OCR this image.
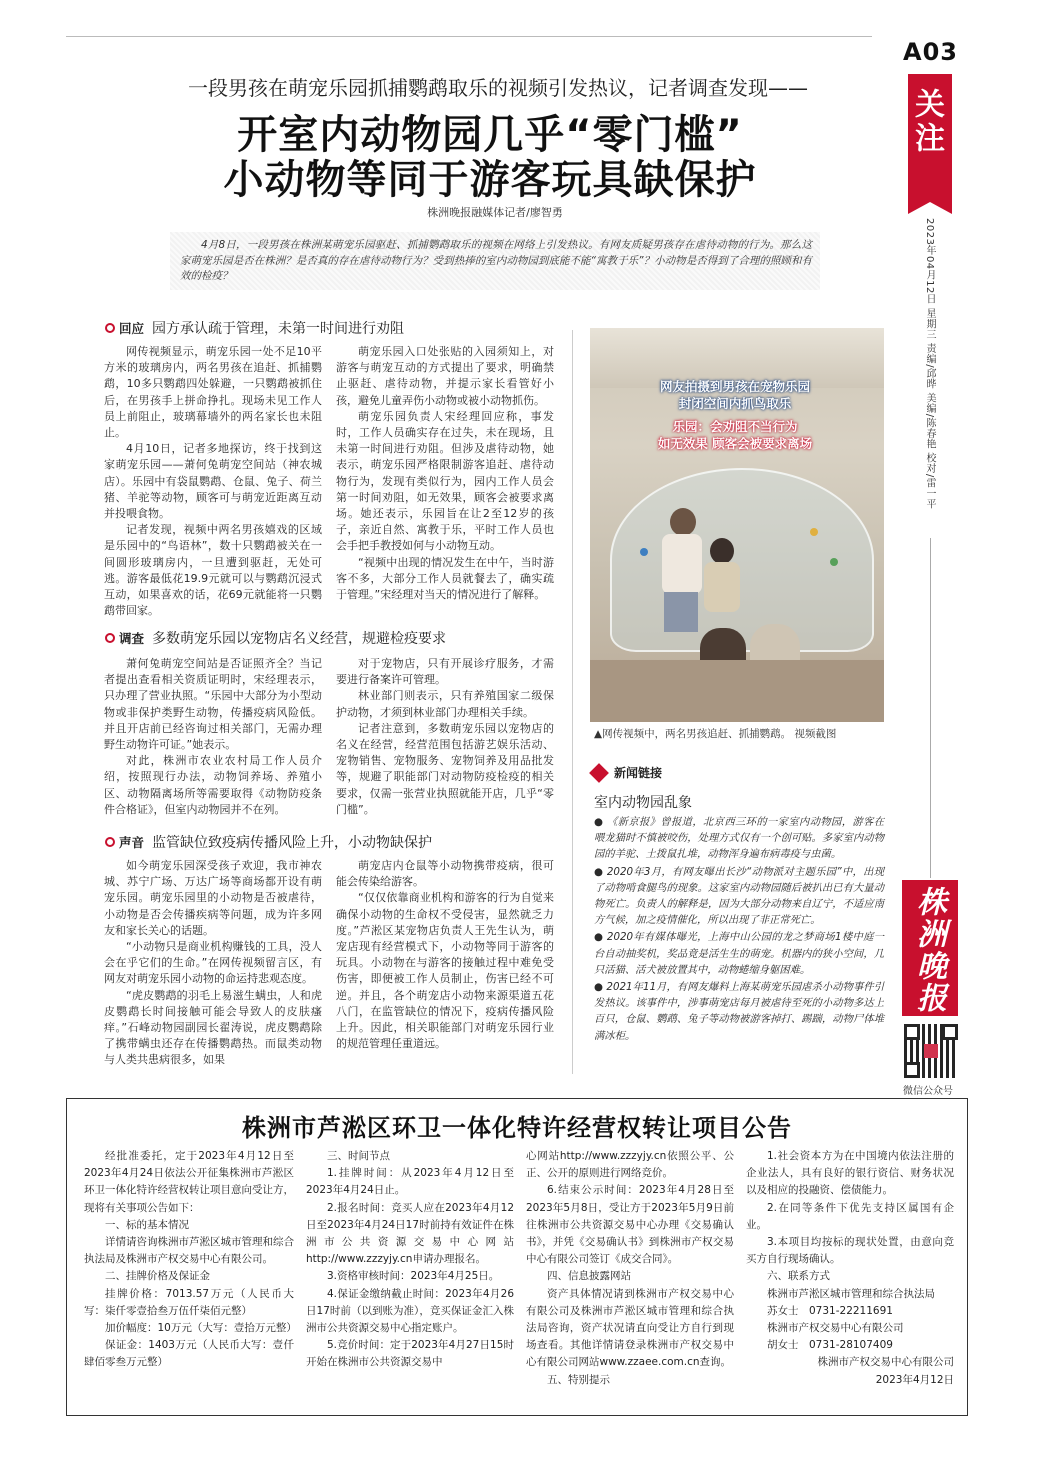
A03
关注
2023年04月12日 星期三 责编/邱晔 美编/陈春艳 校对/雷一平
株洲晚报
微信公众号
一段男孩在萌宠乐园抓捕鹦鹉取乐的视频引发热议，记者调查发现——
开室内动物园几乎“零门槛”
小动物等同于游客玩具缺保护
株洲晚报融媒体记者/廖智勇
4月8日，一段男孩在株洲某萌宠乐园驱赶、抓捕鹦鹉取乐的视频在网络上引发热议。有网友质疑男孩存在虐待动物的行为。那么这家萌宠乐园是否在株洲？是否真的存在虐待动物行为？受到热捧的室内动物园到底能不能“寓教于乐”？小动物是否得到了合理的照顾和有效的检疫？
回应 园方承认疏于管理，未第一时间进行劝阻

网传视频显示，萌宠乐园一处不足10平方米的玻璃房内，两名男孩在追赶、抓捕鹦鹉，10多只鹦鹉四处躲避，一只鹦鹉被抓住后，在男孩手上拼命挣扎。现场未见工作人员上前阻止，玻璃幕墙外的两名家长也未阻止。

4月10日，记者多地探访，终于找到这家萌宠乐园——萧何兔萌宠空间站（神农城店）。乐园中有袋鼠鹦鹉、仓鼠、兔子、荷兰猪、羊驼等动物，顾客可与萌宠近距离互动并投喂食物。

记者发现，视频中两名男孩嬉戏的区域是乐园中的“鸟语林”，数十只鹦鹉被关在一间圆形玻璃房内，一旦遭到驱赶，无处可逃。游客最低花19.9元就可以与鹦鹉沉浸式互动，如果喜欢的话，花69元就能将一只鹦鹉带回家。

萌宠乐园入口处张贴的入园须知上，对游客与萌宠互动的方式提出了要求，明确禁止驱赶、虐待动物，并提示家长看管好小孩，避免儿童弄伤小动物或被小动物抓伤。

萌宠乐园负责人宋经理回应称，事发时，工作人员确实存在过失，未在现场，且未第一时间进行劝阻。但涉及虐待动物，她表示，萌宠乐园严格限制游客追赶、虐待动物行为，发现有类似行为，园内工作人员会第一时间劝阻，如无效果，顾客会被要求离场。她还表示，乐园旨在让2至12岁的孩子，亲近自然、寓教于乐，平时工作人员也会手把手教授如何与小动物互动。

“视频中出现的情况发生在中午，当时游客不多，大部分工作人员就餐去了，确实疏于管理。”宋经理对当天的情况进行了解释。

网友拍摄到男孩在宠物乐园
封闭空间内抓鸟取乐
乐园：会劝阻不当行为
如无效果 顾客会被要求离场
▲网传视频中，两名男孩追赶、抓捕鹦鹉。 视频截图
调查 多数萌宠乐园以宠物店名义经营，规避检疫要求

萧何兔萌宠空间站是否证照齐全？当记者提出查看相关资质证明时，宋经理表示，只办理了营业执照。“乐园中大部分为小型动物或非保护类野生动物，传播疫病风险低。并且开店前已经咨询过相关部门，无需办理野生动物许可证。”她表示。

对此，株洲市农业农村局工作人员介绍，按照现行办法，动物饲养场、养殖小区、动物隔离场所等需要取得《动物防疫条件合格证》，但室内动物园并不在列。

对于宠物店，只有开展诊疗服务，才需要进行备案许可管理。

林业部门则表示，只有养殖国家二级保护动物，才须到林业部门办理相关手续。

记者注意到，多数萌宠乐园以宠物店的名义在经营，经营范围包括游艺娱乐活动、宠物销售、宠物服务、宠物饲养及用品批发等，规避了职能部门对动物防疫检疫的相关要求，仅需一张营业执照就能开店，几乎“零门槛”。

声音 监管缺位致疫病传播风险上升，小动物缺保护

如今萌宠乐园深受孩子欢迎，我市神农城、苏宁广场、万达广场等商场都开设有萌宠乐园。萌宠乐园里的小动物是否被虐待，小动物是否会传播疾病等问题，成为许多网友和家长关心的话题。

“小动物只是商业机构赚钱的工具，没人会在乎它们的生命。”在网传视频留言区，有网友对萌宠乐园小动物的命运持悲观态度。

“虎皮鹦鹉的羽毛上易滋生螨虫，人和虎皮鹦鹉长时间接触可能会导致人的皮肤瘙痒。”石峰动物园副园长翟涛说，虎皮鹦鹉除了携带螨虫还存在传播鹦鹉热。而鼠类动物与人类共患病很多，如果

萌宠店内仓鼠等小动物携带疫病，很可能会传染给游客。

“仅仅依靠商业机构和游客的行为自觉来确保小动物的生命权不受侵害，显然就乏力度。”芦淞区某宠物店负责人王先生认为，萌宠店现有经营模式下，小动物等同于游客的玩具。小动物在与游客的接触过程中难免受伤害，即便被工作人员制止，伤害已经不可逆。并且，各个萌宠店小动物来源渠道五花八门，在监管缺位的情况下，疫病传播风险上升。因此，相关职能部门对萌宠乐园行业的规范管理任重道远。

新闻链接
室内动物园乱象

● 《新京报》曾报道，北京西三环的一家室内动物园，游客在喂龙猫时不慎被咬伤，处理方式仅有一个创可贴。多家室内动物园的羊驼、土拨鼠扎堆，动物浑身遍布病毒疫与虫菌。

● 2020年3月，有网友曝出长沙“动物派对主题乐园”中，出现了动物啃食腿鸟的现象。这家室内动物园随后被扒出已有大量动物死亡。负责人的解释是，因为大部分动物来自辽宁，不适应南方气候，加之疫情催化，所以出现了非正常死亡。

● 2020年有媒体曝光，上海中山公园的龙之梦商场1楼中庭一台自动抽奖机，奖品竟是活生生的萌宠。机器内的狭小空间，几只活猫、活犬被放置其中，动物蜷缩身躯困难。

● 2021年11月，有网友爆料上海某萌宠乐园虐杀小动物事件引发热议。该事件中，涉事萌宠店每月被虐待至死的小动物多达上百只，仓鼠、鹦鹉、兔子等动物被游客掉打、踢踹，动物尸体堆满冰柜。

株洲市芦淞区环卫一体化特许经营权转让项目公告

经批准委托，定于2023年4月12日至2023年4月24日依法公开征集株洲市芦淞区环卫一体化特许经营权转让项目意向受让方，现将有关事项公告如下：

一、标的基本情况

详情请咨询株洲市芦淞区城市管理和综合执法局及株洲市产权交易中心有限公司。

二、挂牌价格及保证金

挂牌价格：7013.57万元（人民币大写：柒仟零壹拾叁万伍仟柒佰元整）

加价幅度：10万元（大写：壹拾万元整）

保证金：1403万元（人民币大写：壹仟肆佰零叁万元整）

三、时间节点

1.挂牌时间：从2023年4月12日至2023年4月24日止。

2.报名时间：竞买人应在2023年4月12日至2023年4月24日17时前持有效证件在株洲市公共资源交易中心网站http://www.zzzyjy.cn申请办理报名。

3.资格审核时间：2023年4月25日。

4.保证金缴纳截止时间：2023年4月26日17时前（以到账为准），竞买保证金汇入株洲市公共资源交易中心指定账户。

5.竞价时间：定于2023年4月27日15时开始在株洲市公共资源交易中

心网站http://www.zzzyjy.cn依照公平、公正、公开的原则进行网络竞价。

6.结束公示时间：2023年4月28日至2023年5月8日，受让方于2023年5月9日前往株洲市公共资源交易中心办理《交易确认书》，并凭《交易确认书》到株洲市产权交易中心有限公司签订《成交合同》。

四、信息披露网站

资产具体情况请到株洲市产权交易中心有限公司及株洲市芦淞区城市管理和综合执法局咨询，资产状况请直向受让方自行到现场查看。其他详情请登录株洲市产权交易中心有限公司网站www.zzaee.com.cn查询。

五、特别提示

1.社会资本方为在中国境内依法注册的企业法人，具有良好的银行资信、财务状况以及相应的投融资、偿债能力。

2.在同等条件下优先支持区属国有企业。

3.本项目均按标的现状处置，由意向竞买方自行现场确认。

六、联系方式

株洲市芦淞区城市管理和综合执法局

苏女士　0731-22211691

株洲市产权交易中心有限公司

胡女士　0731-28107409

株洲市产权交易中心有限公司

2023年4月12日
